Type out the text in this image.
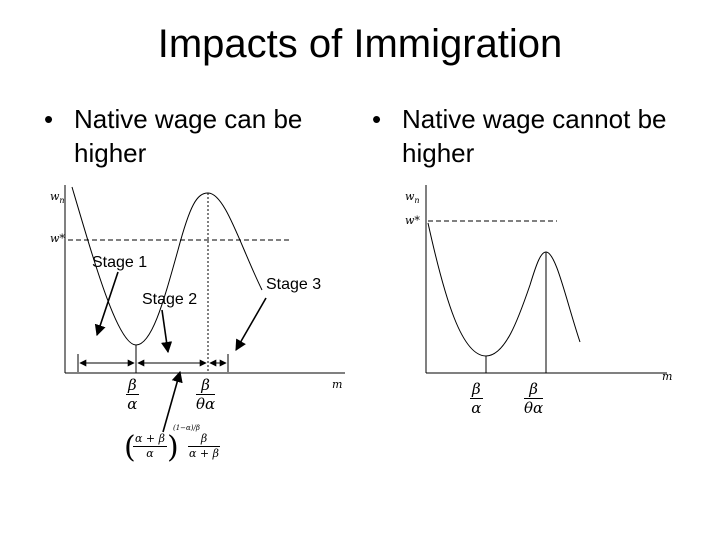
Impacts of Immigration
• Native wage can be higher
• Native wage cannot be higher
$w_n$
w*
m
Stage 1
Stage 2
Stage 3
$\frac{\beta}{\alpha}$	$\frac{\beta}{\theta\alpha}$
(
$\frac{\alpha + \beta}{\alpha}$ )
(1−α)/β
$\frac{\beta}{\alpha + \beta}$
$w_n$
w*
m
$\frac{\beta}{\alpha}$	$\frac{\beta}{\theta\alpha}$
